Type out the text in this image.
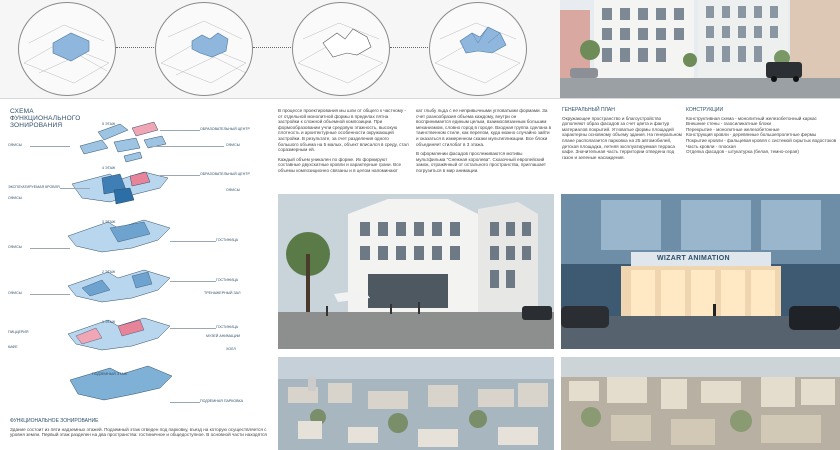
СХЕМА ФУНКЦИОНАЛЬНОГО ЗОНИРОВАНИЯ	5 ЭТАЖ
ОФИСЫ
ОБРАЗОВАТЕЛЬНЫЙ ЦЕНТР
ОФИСЫ
4 ЭТАЖ
ЭКСПЛУАТИРУЕМАЯ КРОВЛЯ
ОФИСЫ
ОБРАЗОВАТЕЛЬНЫЙ ЦЕНТР
ОФИСЫ
3 ЭТАЖ
ОФИСЫ
ГОСТИНИЦА
2 ЭТАЖ
ОФИСЫ
ГОСТИНИЦА
ТРЕНАЖЕРНЫЙ ЗАЛ
1 ЭТАЖ
ПИЦЦЕРИЯ
КАФЕ
ГОСТИНИЦА
МУЗЕЙ АНИМАЦИИ
ХОЛЛ
ПОДЗЕМНЫЙ ЭТАЖ
ПОДЗЕМНАЯ ПАРКОВКА
ФУНКЦИОНАЛЬНОЕ ЗОНИРОВАНИЕ
Здание состоит из пяти надземных этажей. Подземный этаж отведен под парковку, въезд на которую осуществляется с уровня земли. Первый этаж разделен на два пространства: гостиничное и общедоступное. В основной части находятся
В процессе проектирования мы шли от общего к частному - от отдельной монолитной формы в пределах пятна застройки к сложной объемной композиции. При формообразовании учли средовую этажность, высокую плотность и архитектурные особенности окружающей застройки. В результате, за счет разделения одного большого объема на 5 малых, объект вписался в среду, стал соразмерным ей.
Каждый объем уникален по форме. Их формируют составные двухскатные кровли и характерные грани. Все объемы композиционно связаны и в целом напоминают
кат глыбу льда с ее непривычными угловатыми формами. За счет разнообразия объема каждому, внутри он воспринимается единым целым, взаимосвязанным большим механизмом, словно город в городе. Входная группа сделана в таинственном стиле, как перепом, куда можно случайно зайти и оказаться в измеренном сказки мультипликации. Все блоки объединяет стилобат в 3 этажа.
В оформлении фасадов прослеживаются мотивы мультфильма "Снежная королева". Сказочный европейский замок, отражённый от остального пространства, приглашает погрузиться в мир анимации.
ГЕНЕРАЛЬНЫЙ ПЛАН
Окружающее пространство и благоустройство дополняют образ фасадов за счет цвета и фактур материалов покрытий. Угловатые формы площадей характерны основному объему здания. На генеральном плане располагается парковка на 25 автомобилей, детская площадка, летняя эксплуатируемая терраса кафе. Значительная часть территории отведена под газон и зеленые насаждения.
КОНСТРУКЦИИ
Конструктивная схема - монолитный железобетонный каркас
Внешние стены - газосиликатные блоки
Перекрытие - монолитные железобетонные
Конструкция кровли - деревянные большепролетные фермы
Покрытие кровли - фальцевая кровля с системой скрытых водостоков
Часть кровли - плоская
Отделка фасадов - штукатурка (белая, темно-серая)
WIZART ANIMATION
